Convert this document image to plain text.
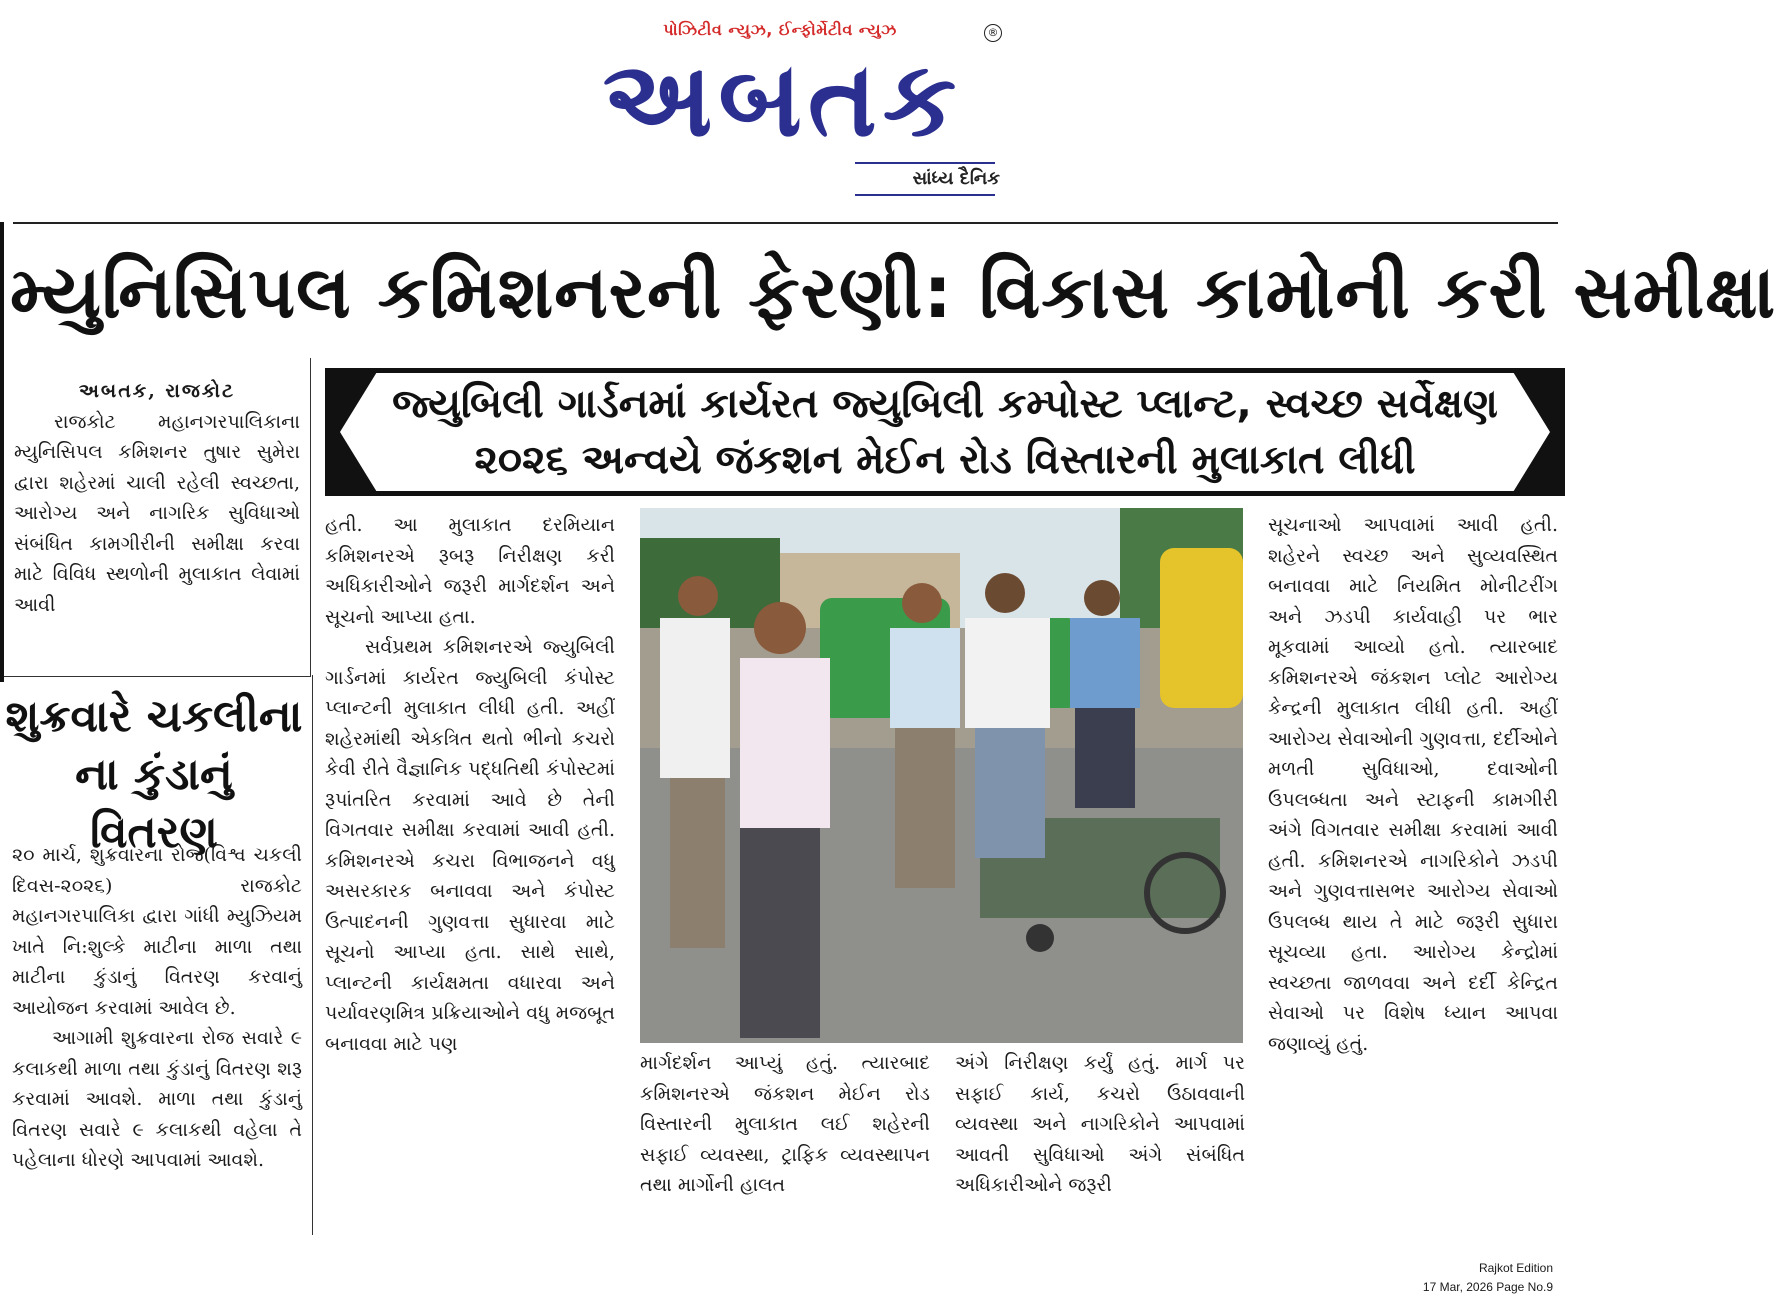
પોઝિટીવ ન્યુઝ, ઈન્ફોર્મેટીવ ન્યુઝ	®
અબતક
સાંધ્ય દૈનિક
મ્યુનિસિપલ કમિશનરની ફેરણી: વિકાસ કામોની કરી સમીક્ષા
જ્યુબિલી ગાર્ડનમાં કાર્યરત જ્યુબિલી કમ્પોસ્ટ પ્લાન્ટ, સ્વચ્છ સર્વેક્ષણ
૨૦૨૬ અન્વયે જંકશન મેઈન રોડ વિસ્તારની મુલાકાત લીધી

અબતક, રાજકોટ

રાજકોટ મહાનગરપાલિકાના મ્યુનિસિપલ કમિશનર તુષાર સુમેરા દ્વારા શહેરમાં ચાલી રહેલી સ્વચ્છતા, આરોગ્ય અને નાગરિક સુવિધાઓ સંબંધિત કામગીરીની સમીક્ષા કરવા માટે વિવિધ સ્થળોની મુલાકાત લેવામાં આવી

હતી. આ મુલાકાત દરમિયાન કમિશનરએ રૂબરૂ નિરીક્ષણ કરી અધિકારીઓને જરૂરી માર્ગદર્શન અને સૂચનો આપ્યા હતા.

સર્વપ્રથમ કમિશનરએ જ્યુબિલી ગાર્ડનમાં કાર્યરત જ્યુબિલી કંપોસ્ટ પ્લાન્ટની મુલાકાત લીધી હતી. અહીં શહેરમાંથી એકત્રિત થતો ભીનો કચરો કેવી રીતે વૈજ્ઞાનિક પદ્ધતિથી કંપોસ્ટમાં રૂપાંતરિત કરવામાં આવે છે તેની વિગતવાર સમીક્ષા કરવામાં આવી હતી. કમિશનરએ કચરા વિભાજનને વધુ અસરકારક બનાવવા અને કંપોસ્ટ ઉત્પાદનની ગુણવત્તા સુધારવા માટે સૂચનો આપ્યા હતા. સાથે સાથે, પ્લાન્ટની કાર્યક્ષમતા વધારવા અને પર્યાવરણમિત્ર પ્રક્રિયાઓને વધુ મજબૂત બનાવવા માટે પણ

માર્ગદર્શન આપ્યું હતું. ત્યારબાદ કમિશનરએ જંકશન મેઈન રોડ વિસ્તારની મુલાકાત લઈ શહેરની સફાઈ વ્યવસ્થા, ટ્રાફિક વ્યવસ્થાપન તથા માર્ગોની હાલત

અંગે નિરીક્ષણ કર્યું હતું. માર્ગ પર સફાઈ કાર્ય, કચરો ઉઠાવવાની વ્યવસ્થા અને નાગરિકોને આપવામાં આવતી સુવિધાઓ અંગે સંબંધિત અધિકારીઓને જરૂરી

સૂચનાઓ આપવામાં આવી હતી. શહેરને સ્વચ્છ અને સુવ્યવસ્થિત બનાવવા માટે નિયમિત મોનીટરીંગ અને ઝડપી કાર્યવાહી પર ભાર મૂકવામાં આવ્યો હતો. ત્યારબાદ કમિશનરએ જંકશન પ્લોટ આરોગ્ય કેન્દ્રની મુલાકાત લીધી હતી. અહીં આરોગ્ય સેવાઓની ગુણવત્તા, દર્દીઓને મળતી સુવિધાઓ, દવાઓની ઉપલબ્ધતા અને સ્ટાફની કામગીરી અંગે વિગતવાર સમીક્ષા કરવામાં આવી હતી. કમિશનરએ નાગરિકોને ઝડપી અને ગુણવત્તાસભર આરોગ્ય સેવાઓ ઉપલબ્ધ થાય તે માટે જરૂરી સુધારા સૂચવ્યા હતા. આરોગ્ય કેન્દ્રોમાં સ્વચ્છતા જાળવવા અને દર્દી કેન્દ્રિત સેવાઓ પર વિશેષ ધ્યાન આપવા જણાવ્યું હતું.

શુક્રવારે ચકલીના
ના કુંડાનું વિતરણ

૨૦ માર્ચ, શુક્રવારના રોજ(વિશ્વ ચકલી દિવસ-૨૦૨૬) રાજકોટ મહાનગરપાલિકા દ્વારા ગાંધી મ્યુઝિયમ ખાતે નિ:શુલ્કે માટીના માળા તથા માટીના કુંડાનું વિતરણ કરવાનું આયોજન કરવામાં આવેલ છે.

આગામી શુક્રવારના રોજ સવારે ૯ કલાકથી માળા તથા કુંડાનું વિતરણ શરૂ કરવામાં આવશે. માળા તથા કુંડાનું વિતરણ સવારે ૯ કલાકથી વહેલા તે પહેલાના ધોરણે આપવામાં આવશે.

Rajkot Edition
17 Mar, 2026 Page No.9
